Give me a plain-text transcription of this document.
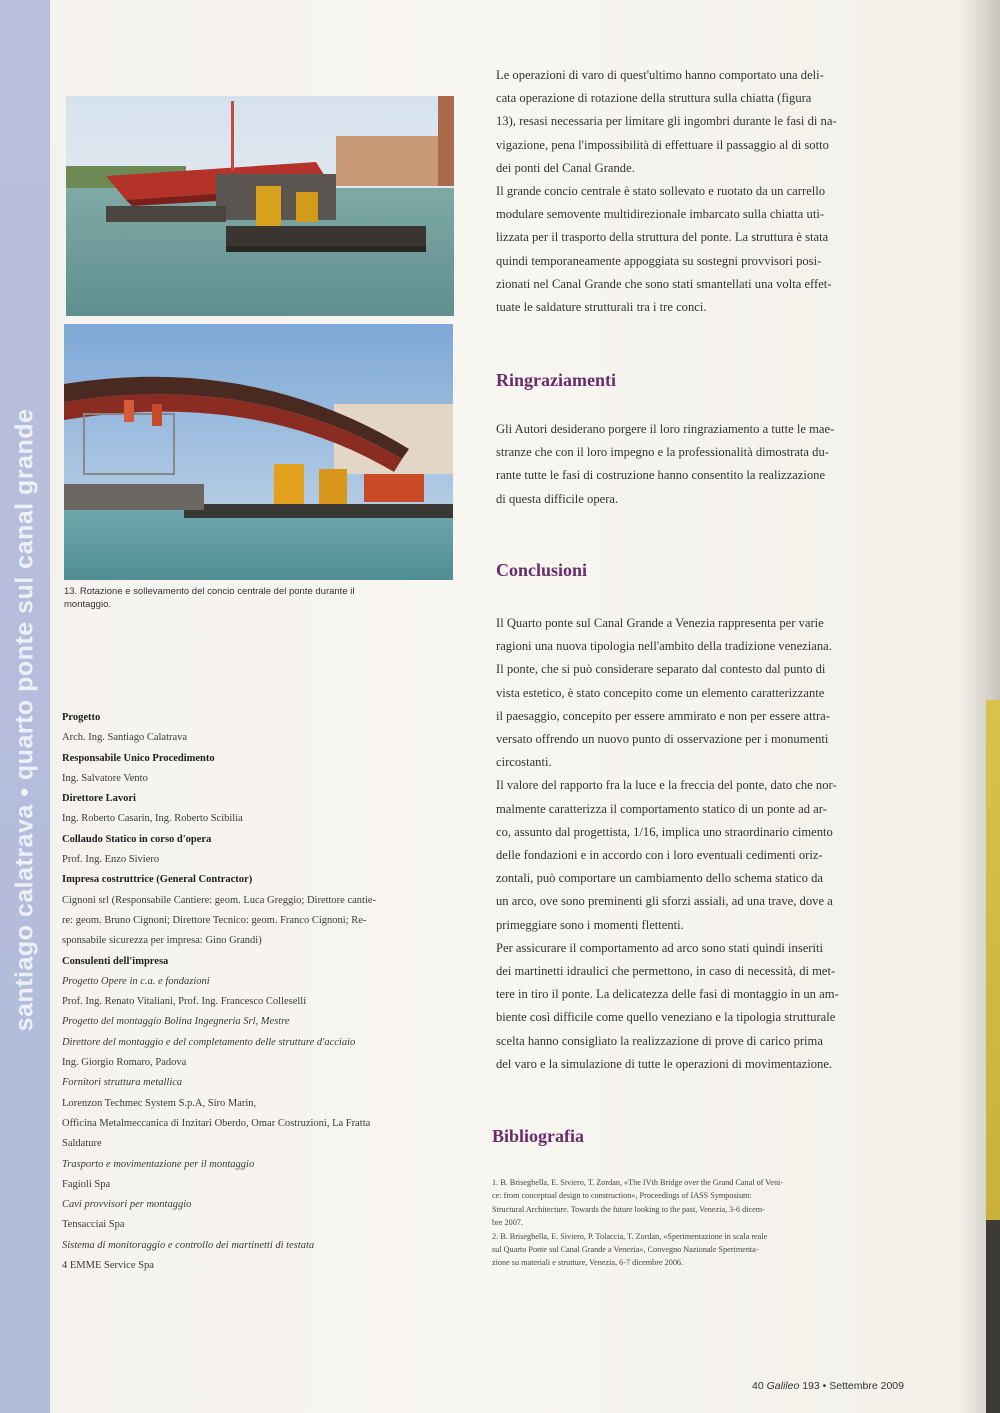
santiago calatrava • quarto ponte sul canal grande	13. Rotazione e sollevamento del concio centrale del ponte durante il
montaggio.
Progetto
Arch. Ing. Santiago Calatrava
Responsabile Unico Procedimento
Ing. Salvatore Vento
Direttore Lavori
Ing. Roberto Casarin, Ing. Roberto Scibilia
Collaudo Statico in corso d'opera
Prof. Ing. Enzo Siviero
Impresa costruttrice (General Contractor)
Cignoni srl (Responsabile Cantiere: geom. Luca Greggio; Direttore cantie-
re: geom. Bruno Cignoni; Direttore Tecnico: geom. Franco Cignoni; Re-
sponsabile sicurezza per impresa: Gino Grandi)
Consulenti dell'impresa
Progetto Opere in c.a. e fondazioni
Prof. Ing. Renato Vitaliani, Prof. Ing. Francesco Colleselli
Progetto del montaggio Bolina Ingegneria Srl, Mestre
Direttore del montaggio e del completamento delle strutture d'acciaio
Ing. Giorgio Romaro, Padova
Fornitori struttura metallica
Lorenzon Techmec System S.p.A, Siro Marin,
Officina Metalmeccanica di Inzitari Oberdo, Omar Costruzioni, La Fratta
Saldature
Trasporto e movimentazione per il montaggio
Fagioli Spa
Cavi provvisori per montaggio
Tensacciai Spa
Sistema di monitoraggio e controllo dei martinetti di testata
4 EMME Service Spa
Le operazioni di varo di quest'ultimo hanno comportato una deli-
cata operazione di rotazione della struttura sulla chiatta (figura
13), resasi necessaria per limitare gli ingombri durante le fasi di na-
vigazione, pena l'impossibilità di effettuare il passaggio al di sotto
dei ponti del Canal Grande.
Il grande concio centrale è stato sollevato e ruotato da un carrello
modulare semovente multidirezionale imbarcato sulla chiatta uti-
lizzata per il trasporto della struttura del ponte. La struttura è stata
quindi temporaneamente appoggiata su sostegni provvisori posi-
zionati nel Canal Grande che sono stati smantellati una volta effet-
tuate le saldature strutturali tra i tre conci.
Ringraziamenti
Gli Autori desiderano porgere il loro ringraziamento a tutte le mae-
stranze che con il loro impegno e la professionalità dimostrata du-
rante tutte le fasi di costruzione hanno consentito la realizzazione
di questa difficile opera.
Conclusioni
Il Quarto ponte sul Canal Grande a Venezia rappresenta per varie
ragioni una nuova tipologia nell'ambito della tradizione veneziana.
Il ponte, che si può considerare separato dal contesto dal punto di
vista estetico, è stato concepito come un elemento caratterizzante
il paesaggio, concepito per essere ammirato e non per essere attra-
versato offrendo un nuovo punto di osservazione per i monumenti
circostanti.
Il valore del rapporto fra la luce e la freccia del ponte, dato che nor-
malmente caratterizza il comportamento statico di un ponte ad ar-
co, assunto dal progettista, 1/16, implica uno straordinario cimento
delle fondazioni e in accordo con i loro eventuali cedimenti oriz-
zontali, può comportare un cambiamento dello schema statico da
un arco, ove sono preminenti gli sforzi assiali, ad una trave, dove a
primeggiare sono i momenti flettenti.
Per assicurare il comportamento ad arco sono stati quindi inseriti
dei martinetti idraulici che permettono, in caso di necessità, di met-
tere in tiro il ponte. La delicatezza delle fasi di montaggio in un am-
biente così difficile come quello veneziano e la tipologia strutturale
scelta hanno consigliato la realizzazione di prove di carico prima
del varo e la simulazione di tutte le operazioni di movimentazione.
Bibliografia
1. B. Briseghella, E. Siviero, T. Zordan, «The IVth Bridge over the Grand Canal of Veni-
ce: from conceptual design to construction», Proceedings of IASS Symposium:
Structural Architecture. Towards the future looking to the past, Venezia, 3-6 dicem-
bre 2007.
2. B. Briseghella, E. Siviero, P. Tolaccia, T. Zordan, «Sperimentazione in scala reale
sul Quarto Ponte sul Canal Grande a Venezia», Convegno Nazionale Sperimenta-
zione su materiali e strutture, Venezia, 6-7 dicembre 2006.
40 Galileo 193 • Settembre 2009
